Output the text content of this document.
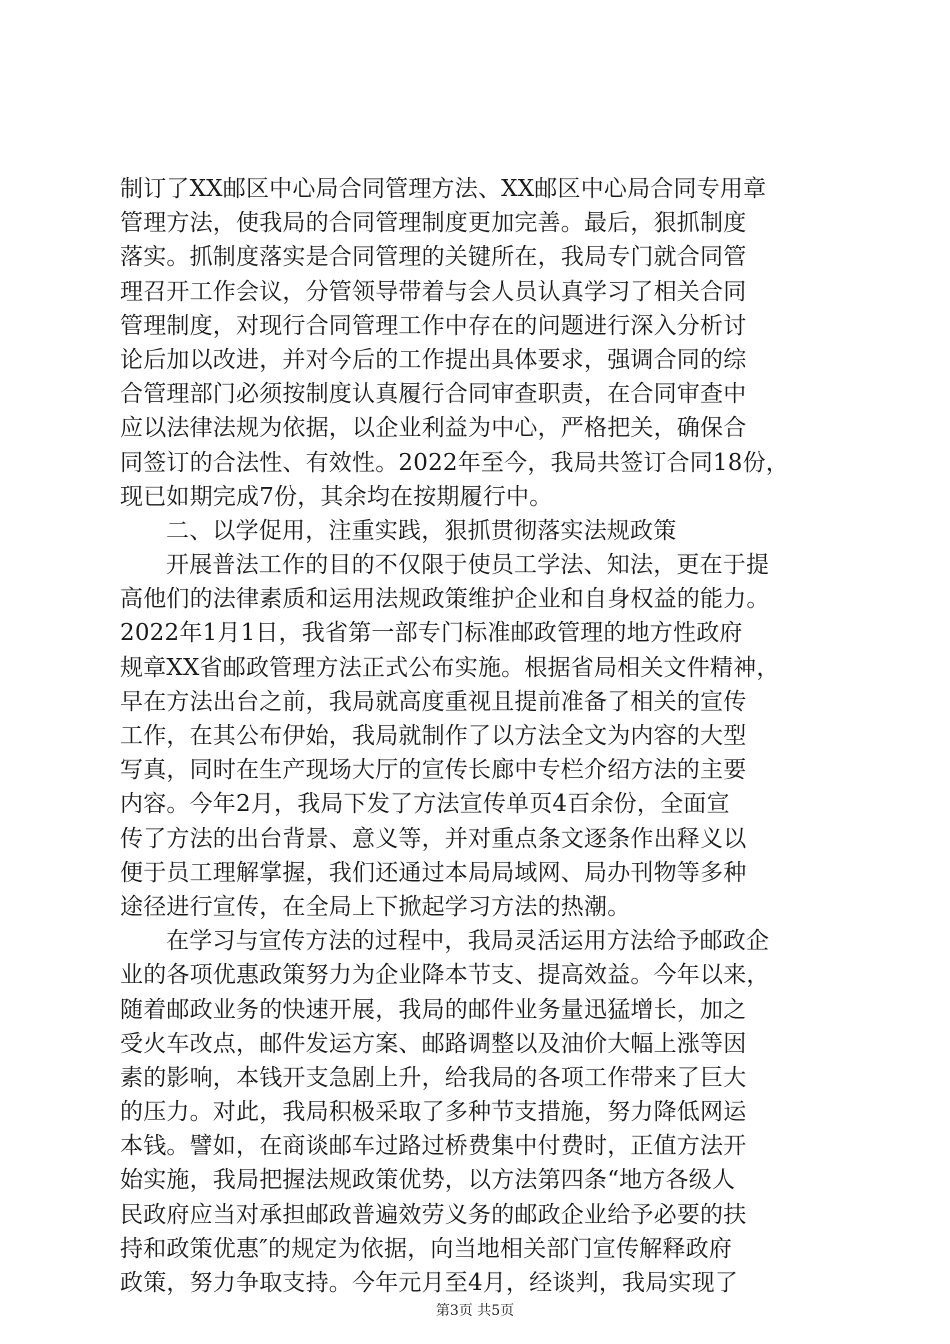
制订了XX邮区中心局合同管理方法、XX邮区中心局合同专用章
管理方法，使我局的合同管理制度更加完善。最后，狠抓制度
落实。抓制度落实是合同管理的关键所在，我局专门就合同管
理召开工作会议，分管领导带着与会人员认真学习了相关合同
管理制度，对现行合同管理工作中存在的问题进行深入分析讨
论后加以改进，并对今后的工作提出具体要求，强调合同的综
合管理部门必须按制度认真履行合同审查职责，在合同审查中
应以法律法规为依据，以企业利益为中心，严格把关，确保合
同签订的合法性、有效性。2022年至今，我局共签订合同18份，
现已如期完成7份，其余均在按期履行中。
二、以学促用，注重实践，狠抓贯彻落实法规政策
开展普法工作的目的不仅限于使员工学法、知法，更在于提
高他们的法律素质和运用法规政策维护企业和自身权益的能力。
2022年1月1日，我省第一部专门标准邮政管理的地方性政府
规章XX省邮政管理方法正式公布实施。根据省局相关文件精神，
早在方法出台之前，我局就高度重视且提前准备了相关的宣传
工作，在其公布伊始，我局就制作了以方法全文为内容的大型
写真，同时在生产现场大厅的宣传长廊中专栏介绍方法的主要
内容。今年2月，我局下发了方法宣传单页4百余份，全面宣
传了方法的出台背景、意义等，并对重点条文逐条作出释义以
便于员工理解掌握，我们还通过本局局域网、局办刊物等多种
途径进行宣传，在全局上下掀起学习方法的热潮。
在学习与宣传方法的过程中，我局灵活运用方法给予邮政企
业的各项优惠政策努力为企业降本节支、提高效益。今年以来，
随着邮政业务的快速开展，我局的邮件业务量迅猛增长，加之
受火车改点，邮件发运方案、邮路调整以及油价大幅上涨等因
素的影响，本钱开支急剧上升，给我局的各项工作带来了巨大
的压力。对此，我局积极采取了多种节支措施，努力降低网运
本钱。譬如，在商谈邮车过路过桥费集中付费时，正值方法开
始实施，我局把握法规政策优势，以方法第四条“地方各级人
民政府应当对承担邮政普遍效劳义务的邮政企业给予必要的扶
持和政策优惠″的规定为依据，向当地相关部门宣传解释政府
政策，努力争取支持。今年元月至4月，经谈判，我局实现了
第3页 共5页
